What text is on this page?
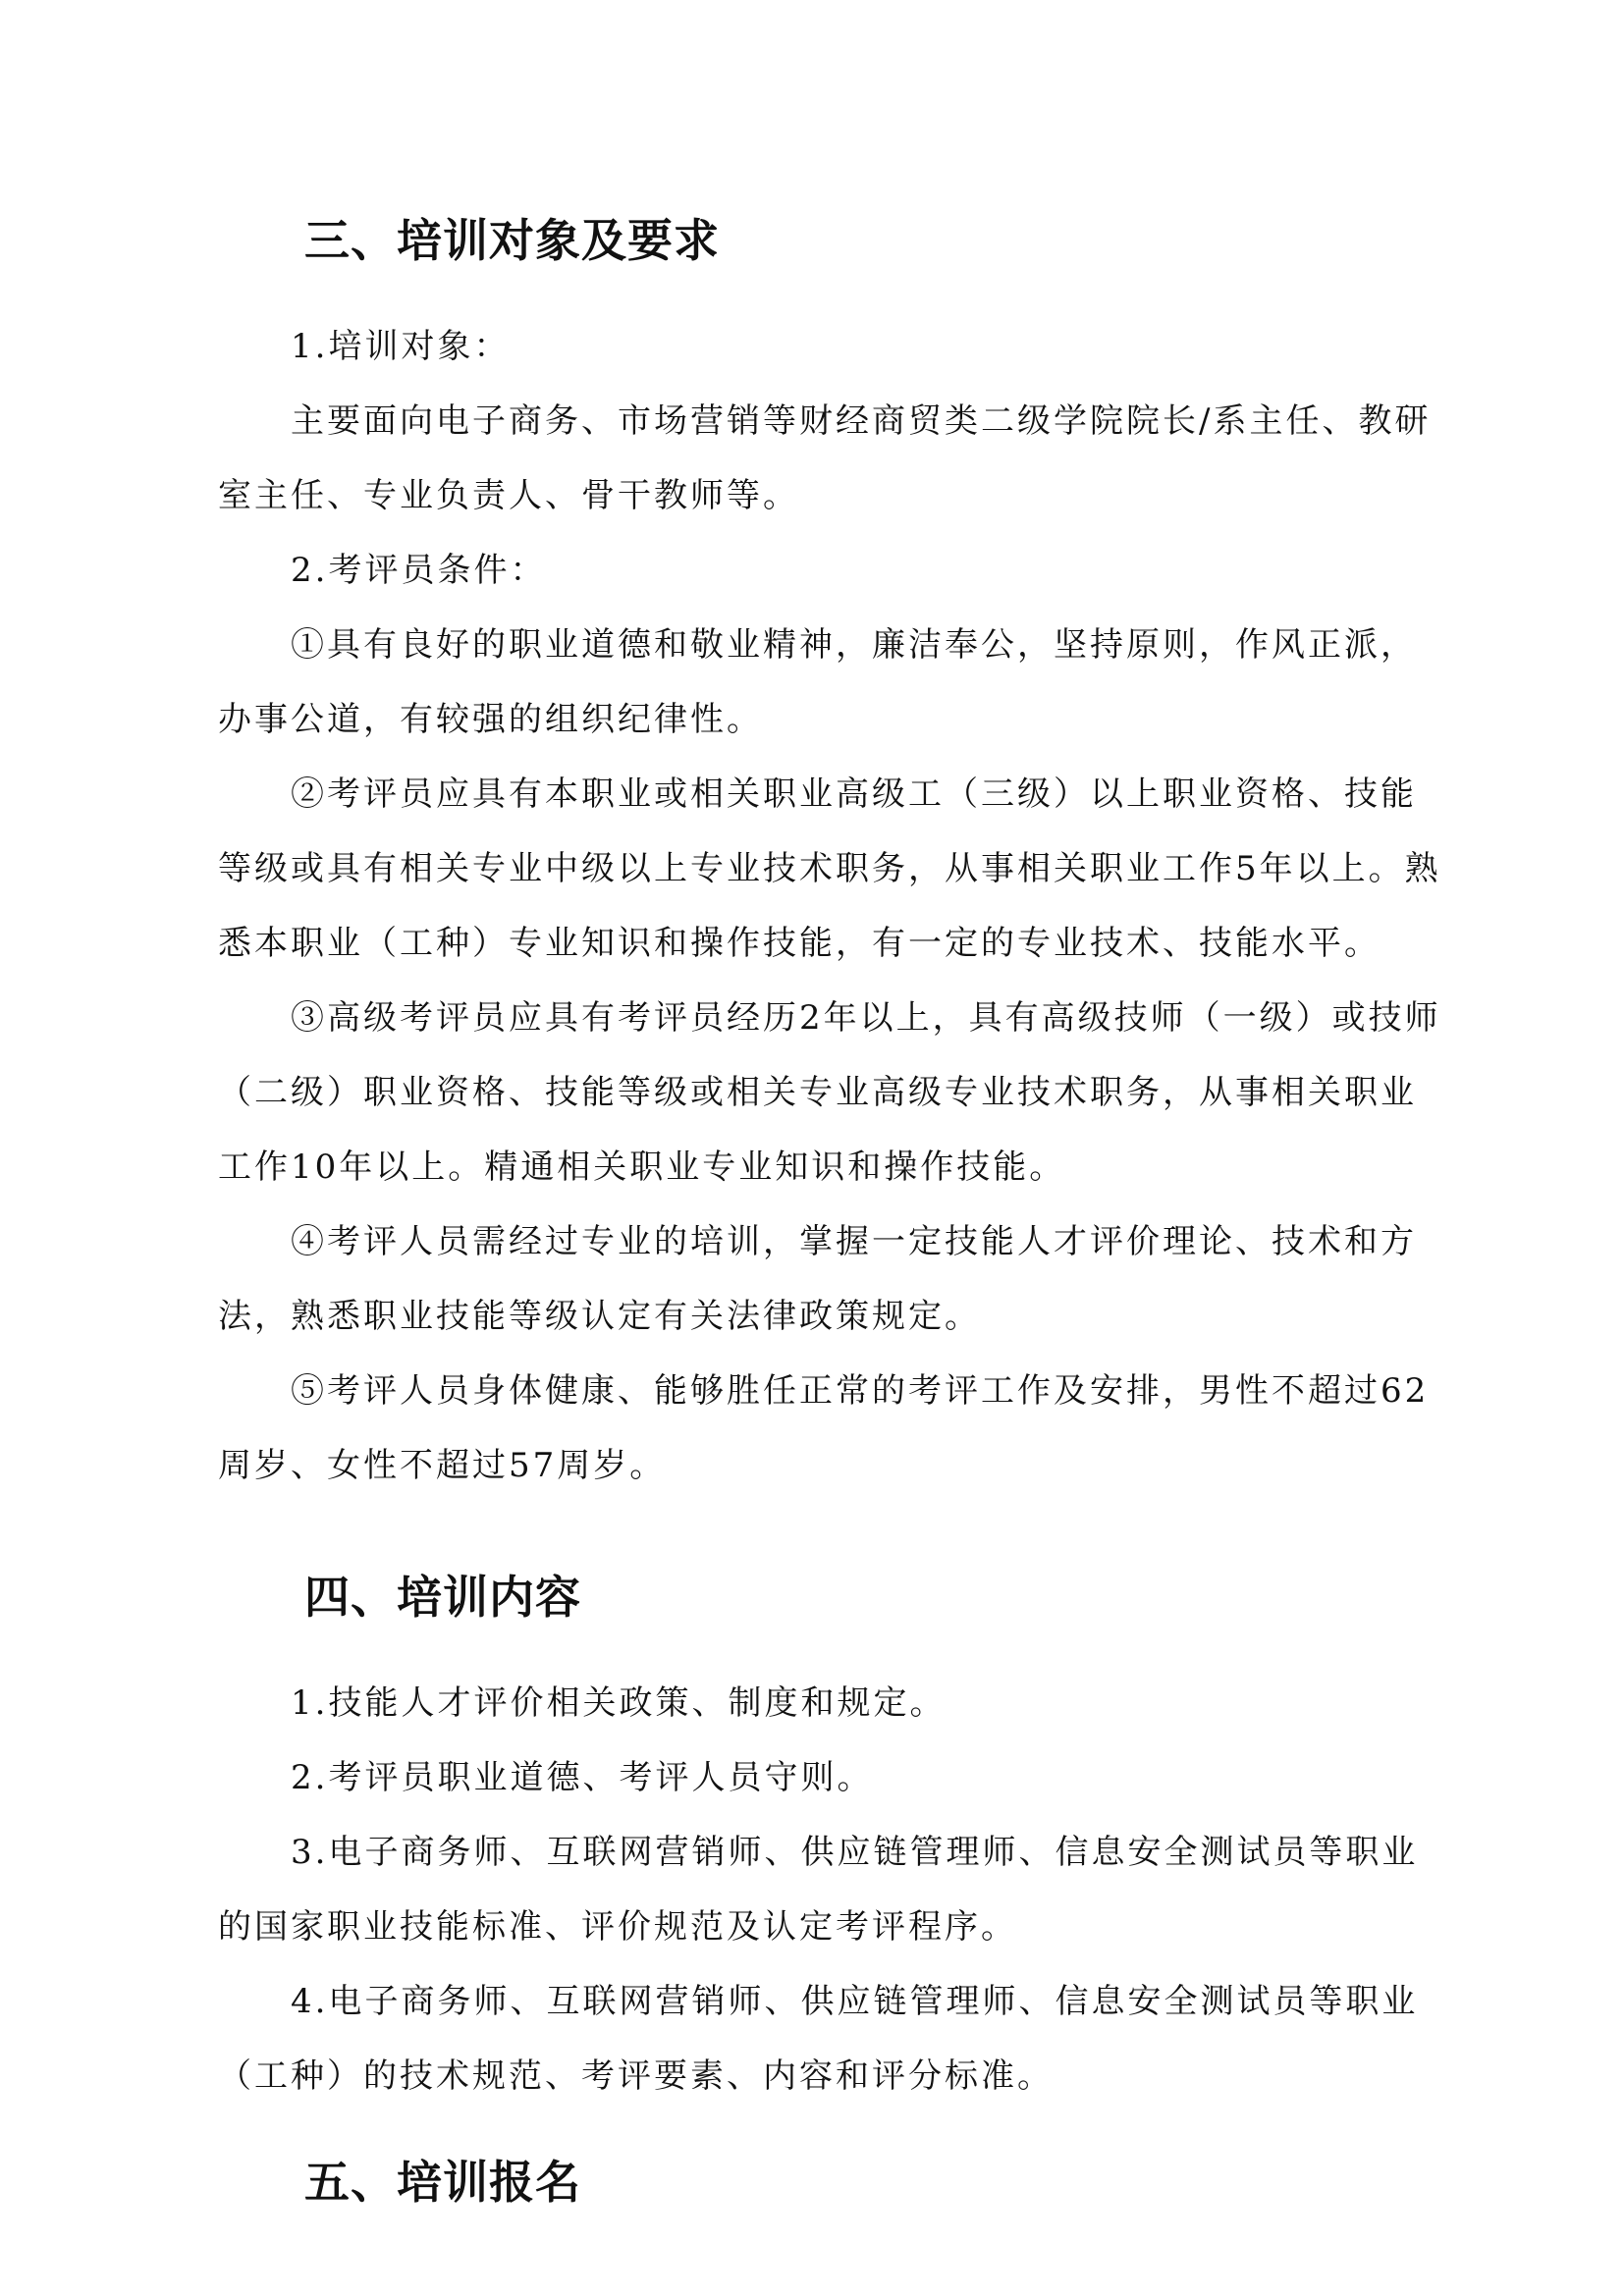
三、培训对象及要求

1.培训对象：

主要面向电子商务、市场营销等财经商贸类二级学院院长/系主任、教研室主任、专业负责人、骨干教师等。

2.考评员条件：

①具有良好的职业道德和敬业精神，廉洁奉公，坚持原则，作风正派，办事公道，有较强的组织纪律性。

②考评员应具有本职业或相关职业高级工（三级）以上职业资格、技能等级或具有相关专业中级以上专业技术职务，从事相关职业工作5年以上。熟悉本职业（工种）专业知识和操作技能，有一定的专业技术、技能水平。

③高级考评员应具有考评员经历2年以上，具有高级技师（一级）或技师（二级）职业资格、技能等级或相关专业高级专业技术职务，从事相关职业工作10年以上。精通相关职业专业知识和操作技能。

④考评人员需经过专业的培训，掌握一定技能人才评价理论、技术和方法，熟悉职业技能等级认定有关法律政策规定。

⑤考评人员身体健康、能够胜任正常的考评工作及安排，男性不超过62周岁、女性不超过57周岁。

四、培训内容

1.技能人才评价相关政策、制度和规定。

2.考评员职业道德、考评人员守则。

3.电子商务师、互联网营销师、供应链管理师、信息安全测试员等职业的国家职业技能标准、评价规范及认定考评程序。

4.电子商务师、互联网营销师、供应链管理师、信息安全测试员等职业（工种）的技术规范、考评要素、内容和评分标准。

五、培训报名
